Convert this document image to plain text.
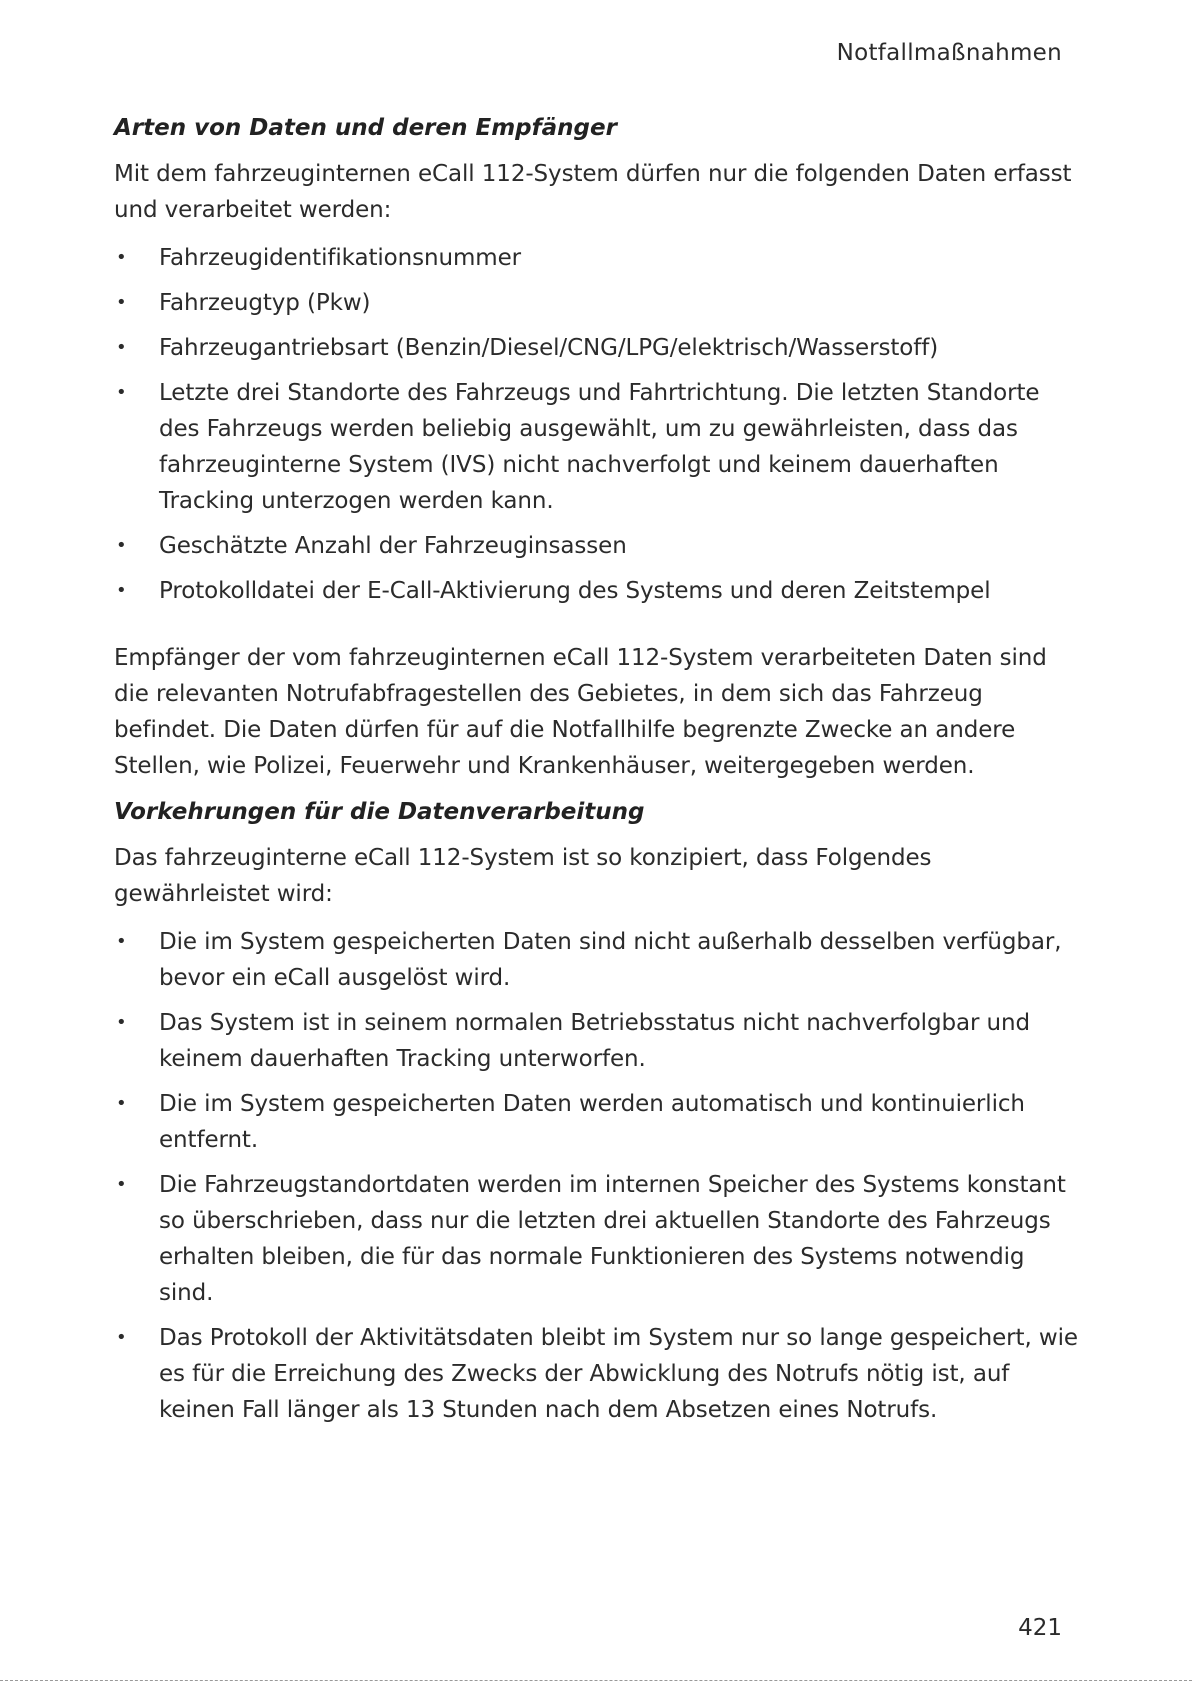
Notfallmaßnahmen
Arten von Daten und deren Empfänger

Mit dem fahrzeuginternen eCall 112-System dürfen nur die folgenden Daten erfasst und verarbeitet werden:

• Fahrzeugidentifikationsnummer
• Fahrzeugtyp (Pkw)
• Fahrzeugantriebsart (Benzin/Diesel/CNG/LPG/elektrisch/Wasserstoff)
• Letzte drei Standorte des Fahrzeugs und Fahrtrichtung. Die letzten Standorte des Fahrzeugs werden beliebig ausgewählt, um zu gewährleisten, dass das fahrzeuginterne System (IVS) nicht nachverfolgt und keinem dauerhaften Tracking unterzogen werden kann.
• Geschätzte Anzahl der Fahrzeuginsassen
• Protokolldatei der E-Call-Aktivierung des Systems und deren Zeitstempel

Empfänger der vom fahrzeuginternen eCall 112-System verarbeiteten Daten sind die relevanten Notrufabfragestellen des Gebietes, in dem sich das Fahrzeug befindet. Die Daten dürfen für auf die Notfallhilfe begrenzte Zwecke an andere Stellen, wie Polizei, Feuerwehr und Krankenhäuser, weitergegeben werden.

Vorkehrungen für die Datenverarbeitung

Das fahrzeuginterne eCall 112-System ist so konzipiert, dass Folgendes gewährleistet wird:

• Die im System gespeicherten Daten sind nicht außerhalb desselben verfügbar, bevor ein eCall ausgelöst wird.
• Das System ist in seinem normalen Betriebsstatus nicht nachverfolgbar und keinem dauerhaften Tracking unterworfen.
• Die im System gespeicherten Daten werden automatisch und kontinuierlich entfernt.
• Die Fahrzeugstandortdaten werden im internen Speicher des Systems konstant so überschrieben, dass nur die letzten drei aktuellen Standorte des Fahrzeugs erhalten bleiben, die für das normale Funktionieren des Systems notwendig sind.
• Das Protokoll der Aktivitätsdaten bleibt im System nur so lange gespeichert, wie es für die Erreichung des Zwecks der Abwicklung des Notrufs nötig ist, auf keinen Fall länger als 13 Stunden nach dem Absetzen eines Notrufs.
421
